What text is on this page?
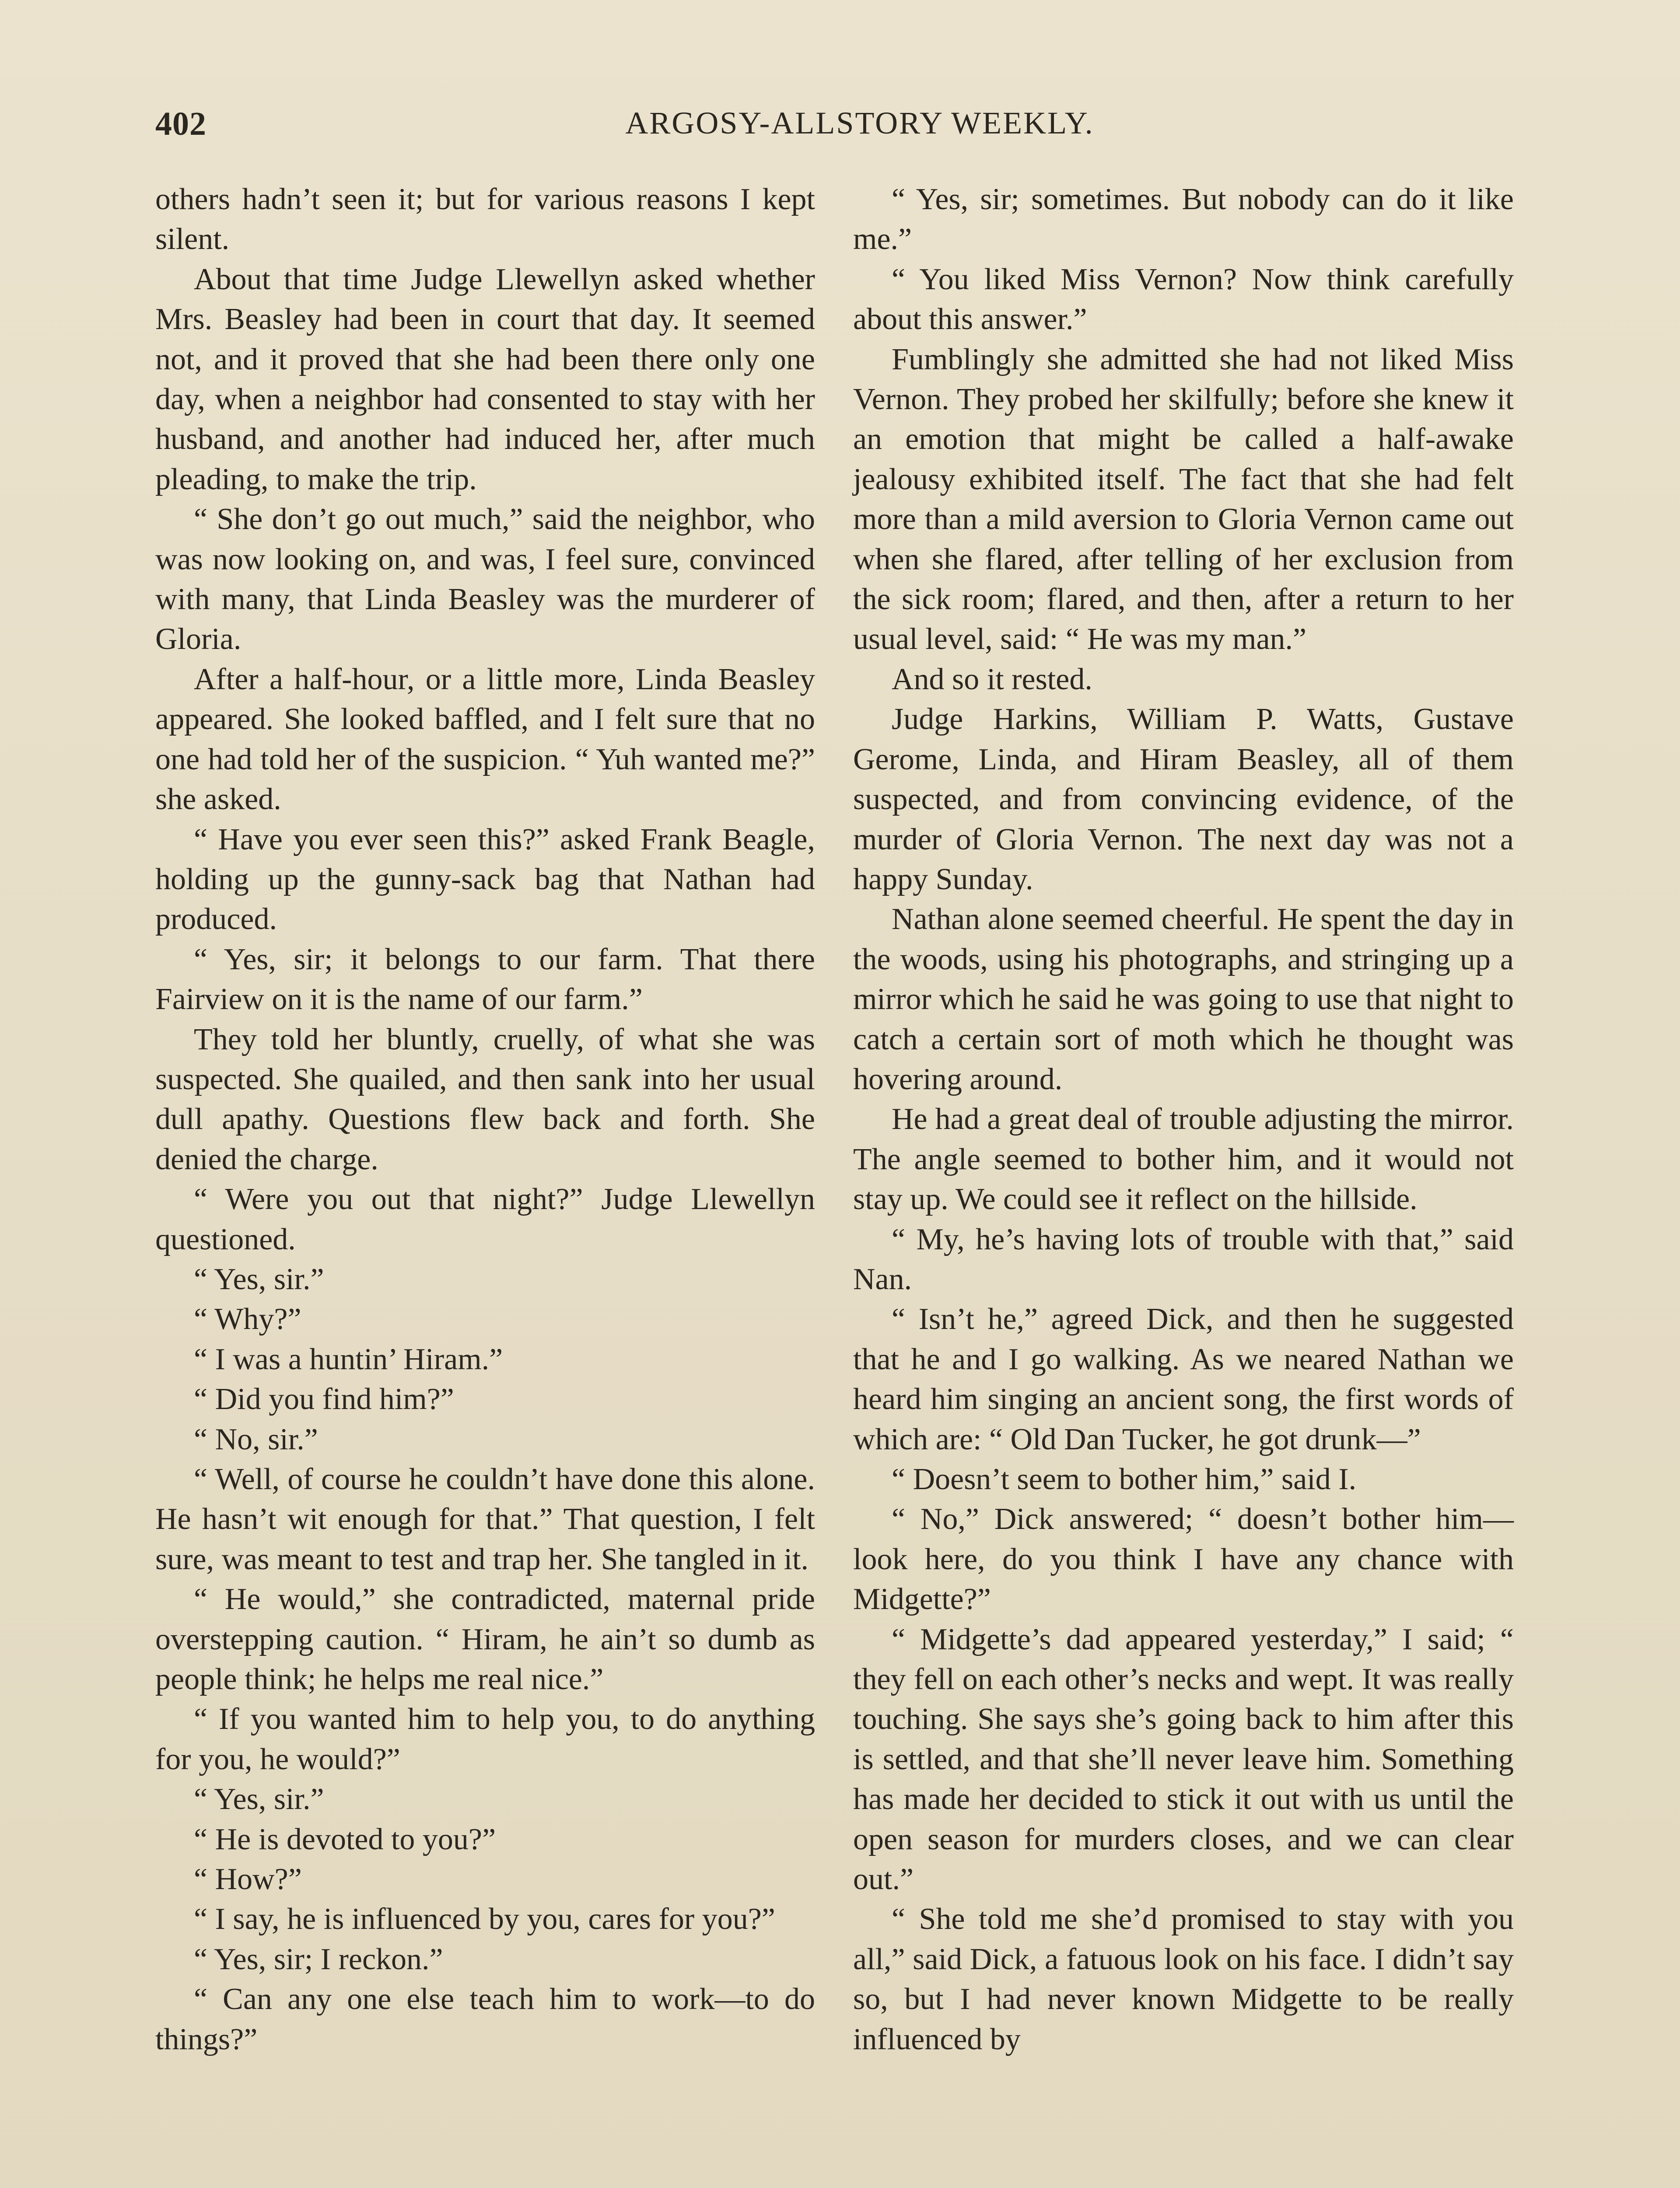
402	ARGOSY-ALLSTORY WEEKLY.

others hadn’t seen it; but for various reasons I kept silent.

About that time Judge Llewellyn asked whether Mrs. Beasley had been in court that day. It seemed not, and it proved that she had been there only one day, when a neighbor had consented to stay with her husband, and another had induced her, after much pleading, to make the trip.

“ She don’t go out much,” said the neighbor, who was now looking on, and was, I feel sure, convinced with many, that Linda Beasley was the murderer of Gloria.

After a half-hour, or a little more, Linda Beasley appeared. She looked baffled, and I felt sure that no one had told her of the suspicion. “ Yuh wanted me?” she asked.

“ Have you ever seen this?” asked Frank Beagle, holding up the gunny-sack bag that Nathan had produced.

“ Yes, sir; it belongs to our farm. That there Fairview on it is the name of our farm.”

They told her bluntly, cruelly, of what she was suspected. She quailed, and then sank into her usual dull apathy. Questions flew back and forth. She denied the charge.

“ Were you out that night?” Judge Llewellyn questioned.

“ Yes, sir.”

“ Why?”

“ I was a huntin’ Hiram.”

“ Did you find him?”

“ No, sir.”

“ Well, of course he couldn’t have done this alone. He hasn’t wit enough for that.” That question, I felt sure, was meant to test and trap her. She tangled in it.

“ He would,” she contradicted, maternal pride overstepping caution. “ Hiram, he ain’t so dumb as people think; he helps me real nice.”

“ If you wanted him to help you, to do anything for you, he would?”

“ Yes, sir.”

“ He is devoted to you?”

“ How?”

“ I say, he is influenced by you, cares for you?”

“ Yes, sir; I reckon.”

“ Can any one else teach him to work—to do things?”

“ Yes, sir; sometimes. But nobody can do it like me.”

“ You liked Miss Vernon? Now think carefully about this answer.”

Fumblingly she admitted she had not liked Miss Vernon. They probed her skilfully; before she knew it an emotion that might be called a half-awake jealousy exhibited itself. The fact that she had felt more than a mild aversion to Gloria Vernon came out when she flared, after telling of her exclusion from the sick room; flared, and then, after a return to her usual level, said: “ He was my man.”

And so it rested.

Judge Harkins, William P. Watts, Gustave Gerome, Linda, and Hiram Beasley, all of them suspected, and from convincing evidence, of the murder of Gloria Vernon. The next day was not a happy Sunday.

Nathan alone seemed cheerful. He spent the day in the woods, using his photographs, and stringing up a mirror which he said he was going to use that night to catch a certain sort of moth which he thought was hovering around.

He had a great deal of trouble adjusting the mirror. The angle seemed to bother him, and it would not stay up. We could see it reflect on the hillside.

“ My, he’s having lots of trouble with that,” said Nan.

“ Isn’t he,” agreed Dick, and then he suggested that he and I go walking. As we neared Nathan we heard him singing an ancient song, the first words of which are: “ Old Dan Tucker, he got drunk—”

“ Doesn’t seem to bother him,” said I.

“ No,” Dick answered; “ doesn’t bother him—look here, do you think I have any chance with Midgette?”

“ Midgette’s dad appeared yesterday,” I said; “ they fell on each other’s necks and wept. It was really touching. She says she’s going back to him after this is settled, and that she’ll never leave him. Something has made her decided to stick it out with us until the open season for murders closes, and we can clear out.”

“ She told me she’d promised to stay with you all,” said Dick, a fatuous look on his face. I didn’t say so, but I had never known Midgette to be really influenced by
